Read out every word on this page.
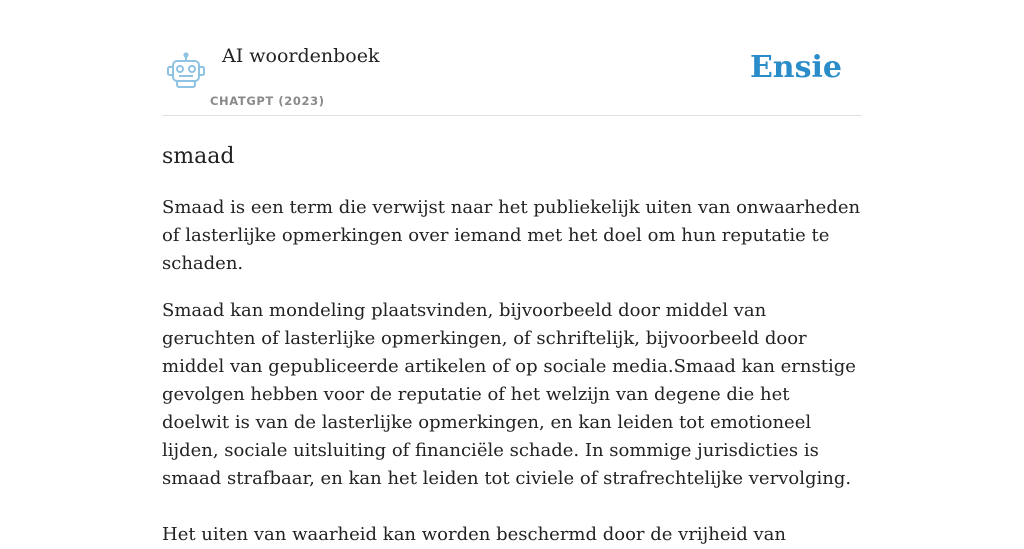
AI woordenboek
CHATGPT (2023)
Ensie
smaad

Smaad is een term die verwijst naar het publiekelijk uiten van onwaarheden of lasterlijke opmerkingen over iemand met het doel om hun reputatie te schaden.

Smaad kan mondeling plaatsvinden, bijvoorbeeld door middel van geruchten of lasterlijke opmerkingen, of schriftelijk, bijvoorbeeld door middel van gepubliceerde artikelen of op sociale media.Smaad kan ernstige gevolgen hebben voor de reputatie of het welzijn van degene die het doelwit is van de lasterlijke opmerkingen, en kan leiden tot emotioneel lijden, sociale uitsluiting of financiële schade. In sommige jurisdicties is smaad strafbaar, en kan het leiden tot civiele of strafrechtelijke vervolging.

Het uiten van waarheid kan worden beschermd door de vrijheid van
